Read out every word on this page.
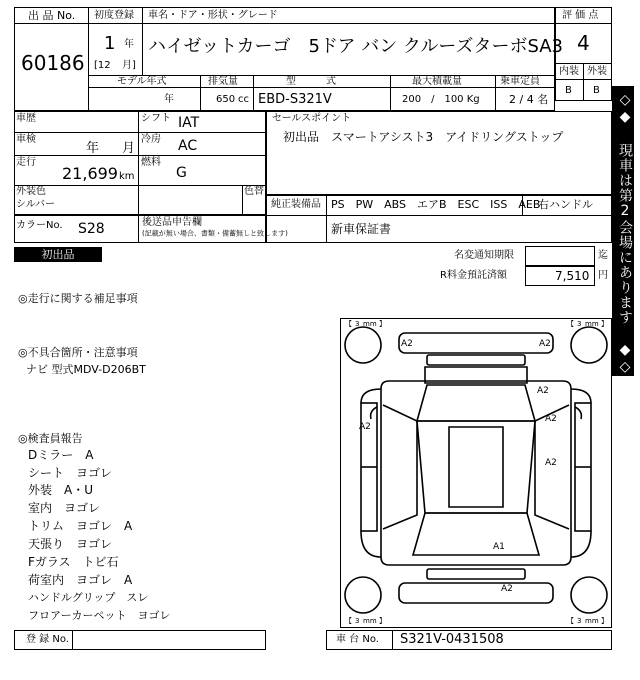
出 品 No.
60186
初度登録
1 年
[12 月]
車名・ドア・形状・グレード
ハイゼットカーゴ　5ドア バン クルーズターボSA3
モデル年式
年
排気量
650 cc
型　　　式
EBD-S321V
最大積載量
200　/　100 Kg
乗車定員
2 / 4 名
評 価 点
4
内装 外装
B B
◇◆ 現車は第2会場にあります ◆◇
車歴
車検
年 月
走行
21,699 km
シフト IAT
冷房 AC
燃料
G
外装色
シルバー
色替
カラーNo. S28	後送品申告欄
(記載が無い場合、書類・備蓄無しと致します)
セールスポイント
初出品　スマートアシスト3　アイドリングストップ
純正装備品 PS　PW　ABS　エアB　ESC　ISS　AEB
右ハンドル
新車保証書
初出品	名変通知期限	迄
R料金預託済額	7,510 円
◎走行に関する補足事項
◎不具合箇所・注意事項
ナビ 型式MDV-D206BT
◎検査員報告
Dミラー　A
シート　ヨゴレ
外装　A・U
室内　ヨゴレ
トリム　ヨゴレ　A
天張り　ヨゴレ
Fガラス　トビ石
荷室内　ヨゴレ　A
ハンドルグリップ　スレ
フロアーカーペット　ヨゴレ
A2	A2
A2
A2
A2
A2
A1
A2
【 3 mm 】	【 3 mm 】
【 3 mm 】	【 3 mm 】
登 録 No.	車 台 No. S321V-0431508
